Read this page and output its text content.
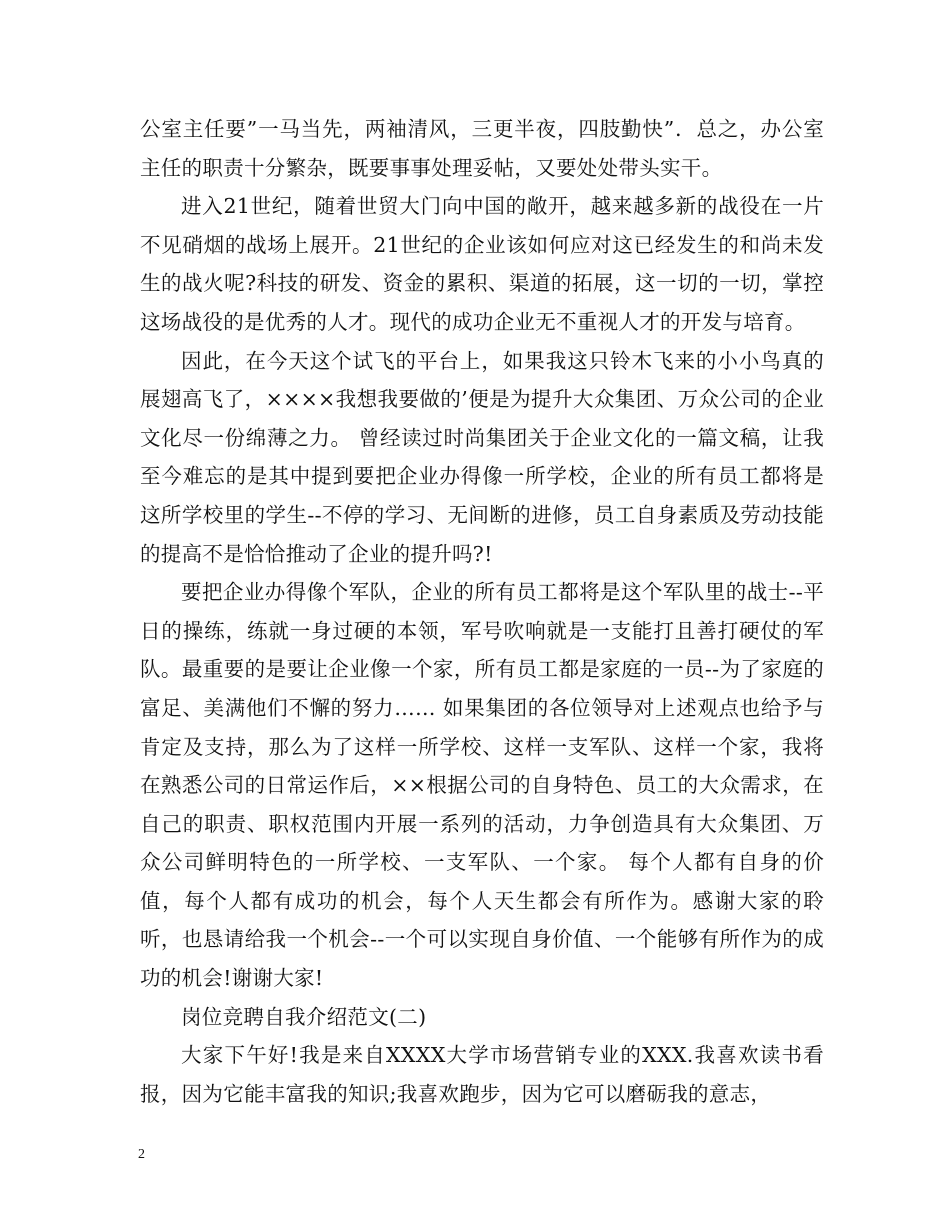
公室主任要”一马当先，两袖清风，三更半夜，四肢勤快”．总之，办公室主任的职责十分繁杂，既要事事处理妥帖，又要处处带头实干。

进入21世纪，随着世贸大门向中国的敞开，越来越多新的战役在一片不见硝烟的战场上展开。21世纪的企业该如何应对这已经发生的和尚未发生的战火呢?科技的研发、资金的累积、渠道的拓展，这一切的一切，掌控这场战役的是优秀的人才。现代的成功企业无不重视人才的开发与培育。

因此，在今天这个试飞的平台上，如果我这只铃木飞来的小小鸟真的展翅高飞了，××××我想我要做的’便是为提升大众集团、万众公司的企业文化尽一份绵薄之力。 曾经读过时尚集团关于企业文化的一篇文稿，让我至今难忘的是其中提到要把企业办得像一所学校，企业的所有员工都将是这所学校里的学生--不停的学习、无间断的进修，员工自身素质及劳动技能的提高不是恰恰推动了企业的提升吗?!

要把企业办得像个军队，企业的所有员工都将是这个军队里的战士--平日的操练，练就一身过硬的本领，军号吹响就是一支能打且善打硬仗的军队。最重要的是要让企业像一个家，所有员工都是家庭的一员--为了家庭的富足、美满他们不懈的努力…… 如果集团的各位领导对上述观点也给予与肯定及支持，那么为了这样一所学校、这样一支军队、这样一个家，我将在熟悉公司的日常运作后，××根据公司的自身特色、员工的大众需求，在自己的职责、职权范围内开展一系列的活动，力争创造具有大众集团、万众公司鲜明特色的一所学校、一支军队、一个家。 每个人都有自身的价值，每个人都有成功的机会，每个人天生都会有所作为。感谢大家的聆听，也恳请给我一个机会--一个可以实现自身价值、一个能够有所作为的成功的机会!谢谢大家!

岗位竞聘自我介绍范文(二)

大家下午好!我是来自XXXX大学市场营销专业的XXX.我喜欢读书看报，因为它能丰富我的知识;我喜欢跑步，因为它可以磨砺我的意志，

2
